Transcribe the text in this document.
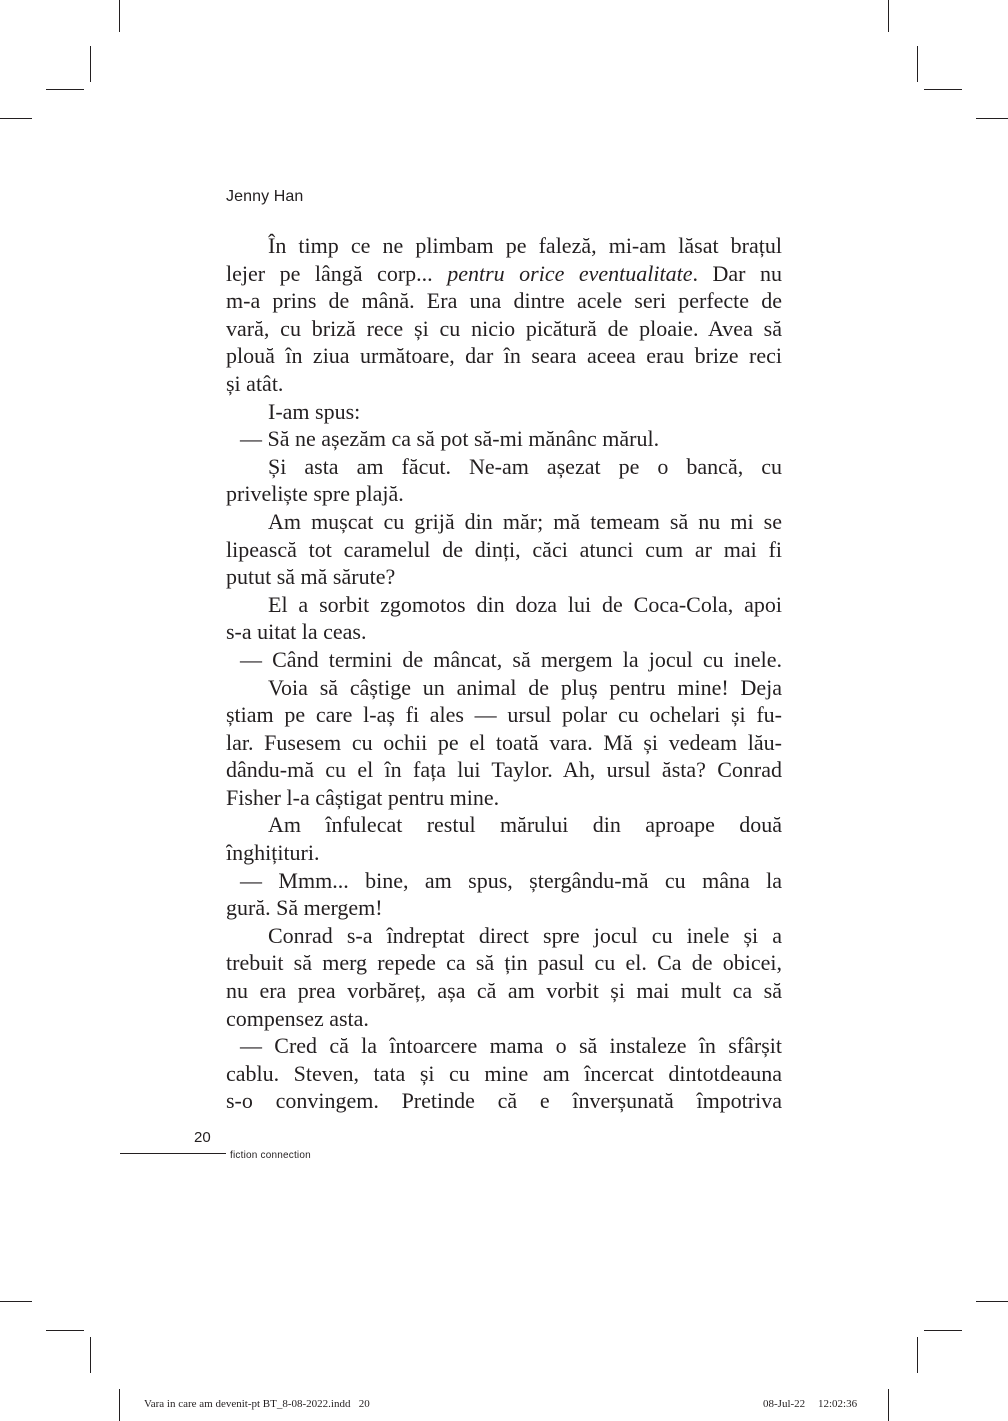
Jenny Han

În timp ce ne plimbam pe faleză, mi-am lăsat brațul

lejer pe lângă corp... pentru orice eventualitate. Dar nu

m-a prins de mână. Era una dintre acele seri perfecte de

vară, cu briză rece și cu nicio picătură de ploaie. Avea să

plouă în ziua următoare, dar în seara aceea erau brize reci

și atât.

I-am spus:

— Să ne așezăm ca să pot să-mi mănânc mărul.

Și asta am făcut. Ne-am așezat pe o bancă, cu

priveliște spre plajă.

Am mușcat cu grijă din măr; mă temeam să nu mi se

lipească tot caramelul de dinți, căci atunci cum ar mai fi

putut să mă sărute?

El a sorbit zgomotos din doza lui de Coca-Cola, apoi

s-a uitat la ceas.

— Când termini de mâncat, să mergem la jocul cu inele.

Voia să câștige un animal de pluș pentru mine! Deja

știam pe care l-aș fi ales — ursul polar cu ochelari și fu-

lar. Fusesem cu ochii pe el toată vara. Mă și vedeam lău-

dându-mă cu el în fața lui Taylor. Ah, ursul ăsta? Conrad

Fisher l-a câștigat pentru mine.

Am înfulecat restul mărului din aproape două

înghițituri.

— Mmm... bine, am spus, ștergându-mă cu mâna la

gură. Să mergem!

Conrad s-a îndreptat direct spre jocul cu inele și a

trebuit să merg repede ca să țin pasul cu el. Ca de obicei,

nu era prea vorbăreț, așa că am vorbit și mai mult ca să

compensez asta.

— Cred că la întoarcere mama o să instaleze în sfârșit

cablu. Steven, tata și cu mine am încercat dintotdeauna

s-o convingem. Pretinde că e înverșunată împotriva

20
fiction connection
Vara in care am devenit-pt BT_8-08-2022.indd   20	08-Jul-22 12:02:36
